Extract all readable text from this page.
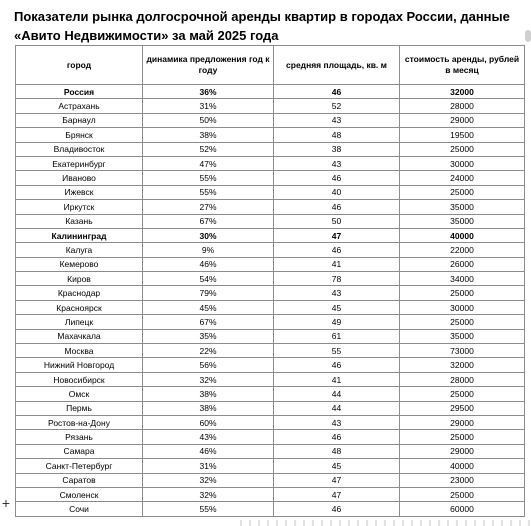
Показатели рынка долгосрочной аренды квартир в городах России, данные «Авито Недвижимости» за май 2025 года
город	динамика предложения год к году	средняя площадь, кв. м	стоимость аренды, рублей в месяц
Россия	36%	46	32000
Астрахань	31%	52	28000
Барнаул	50%	43	29000
Брянск	38%	48	19500
Владивосток	52%	38	25000
Екатеринбург	47%	43	30000
Иваново	55%	46	24000
Ижевск	55%	40	25000
Иркутск	27%	46	35000
Казань	67%	50	35000
Калининград	30%	47	40000
Калуга	9%	46	22000
Кемерово	46%	41	26000
Киров	54%	78	34000
Краснодар	79%	43	25000
Красноярск	45%	45	30000
Липецк	67%	49	25000
Махачкала	35%	61	35000
Москва	22%	55	73000
Нижний Новгород	56%	46	32000
Новосибирск	32%	41	28000
Омск	38%	44	25000
Пермь	38%	44	29500
Ростов-на-Дону	60%	43	29000
Рязань	43%	46	25000
Самара	46%	48	29000
Санкт-Петербург	31%	45	40000
Саратов	32%	47	23000
Смоленск	32%	47	25000
Сочи	55%	46	60000
+
